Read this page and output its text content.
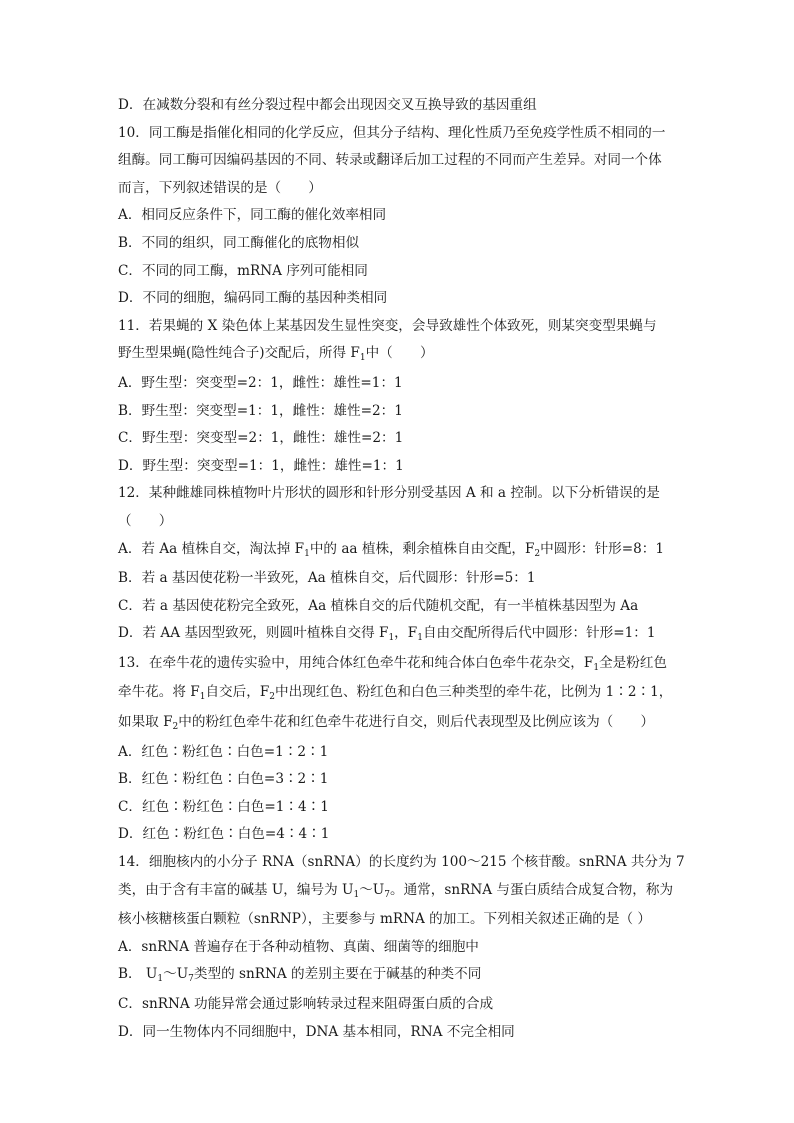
D．在减数分裂和有丝分裂过程中都会出现因交叉互换导致的基因重组

10．同工酶是指催化相同的化学反应，但其分子结构、理化性质乃至免疫学性质不相同的一

组酶。同工酶可因编码基因的不同、转录或翻译后加工过程的不同而产生差异。对同一个体

而言，下列叙述错误的是（　　）

A．相同反应条件下，同工酶的催化效率相同

B．不同的组织，同工酶催化的底物相似

C．不同的同工酶，mRNA 序列可能相同

D．不同的细胞，编码同工酶的基因种类相同

11．若果蝇的 X 染色体上某基因发生显性突变，会导致雄性个体致死，则某突变型果蝇与

野生型果蝇(隐性纯合子)交配后，所得 $F_1$中（　　）

A．野生型：突变型=2：1，雌性：雄性=1：1

B．野生型：突变型=1：1，雌性：雄性=2：1

C．野生型：突变型=2：1，雌性：雄性=2：1

D．野生型：突变型=1：1，雌性：雄性=1：1

12．某种雌雄同株植物叶片形状的圆形和针形分别受基因 A 和 a 控制。以下分析错误的是

（　　）

A．若 Aa 植株自交，淘汰掉 $F_1$中的 aa 植株，剩余植株自由交配，$F_2$中圆形：针形=8：1

B．若 a 基因使花粉一半致死，Aa 植株自交，后代圆形：针形=5：1

C．若 a 基因使花粉完全致死，Aa 植株自交的后代随机交配，有一半植株基因型为 Aa

D．若 AA 基因型致死，则圆叶植株自交得 $F_1$，$F_1$自由交配所得后代中圆形：针形=1：1

13．在牵牛花的遗传实验中，用纯合体红色牵牛花和纯合体白色牵牛花杂交，$F_1$全是粉红色

牵牛花。将 $F_1$自交后，$F_2$中出现红色、粉红色和白色三种类型的牵牛花，比例为 1∶2∶1，

如果取 $F_2$中的粉红色牵牛花和红色牵牛花进行自交，则后代表现型及比例应该为（　　）

A．红色∶粉红色∶白色=1∶2∶1

B．红色∶粉红色∶白色=3∶2∶1

C．红色∶粉红色∶白色=1∶4∶1

D．红色∶粉红色∶白色=4∶4∶1

14．细胞核内的小分子 RNA（snRNA）的长度约为 100～215 个核苷酸。snRNA 共分为 7

类，由于含有丰富的碱基 U，编号为 $U_1\sim U_7$。通常，snRNA 与蛋白质结合成复合物，称为

核小核糖核蛋白颗粒（snRNP），主要参与 mRNA 的加工。下列相关叙述正确的是（ ）

A．snRNA 普遍存在于各种动植物、真菌、细菌等的细胞中

B． $U_1\sim U_7$类型的 snRNA 的差别主要在于碱基的种类不同

C．snRNA 功能异常会通过影响转录过程来阻碍蛋白质的合成

D．同一生物体内不同细胞中，DNA 基本相同，RNA 不完全相同
